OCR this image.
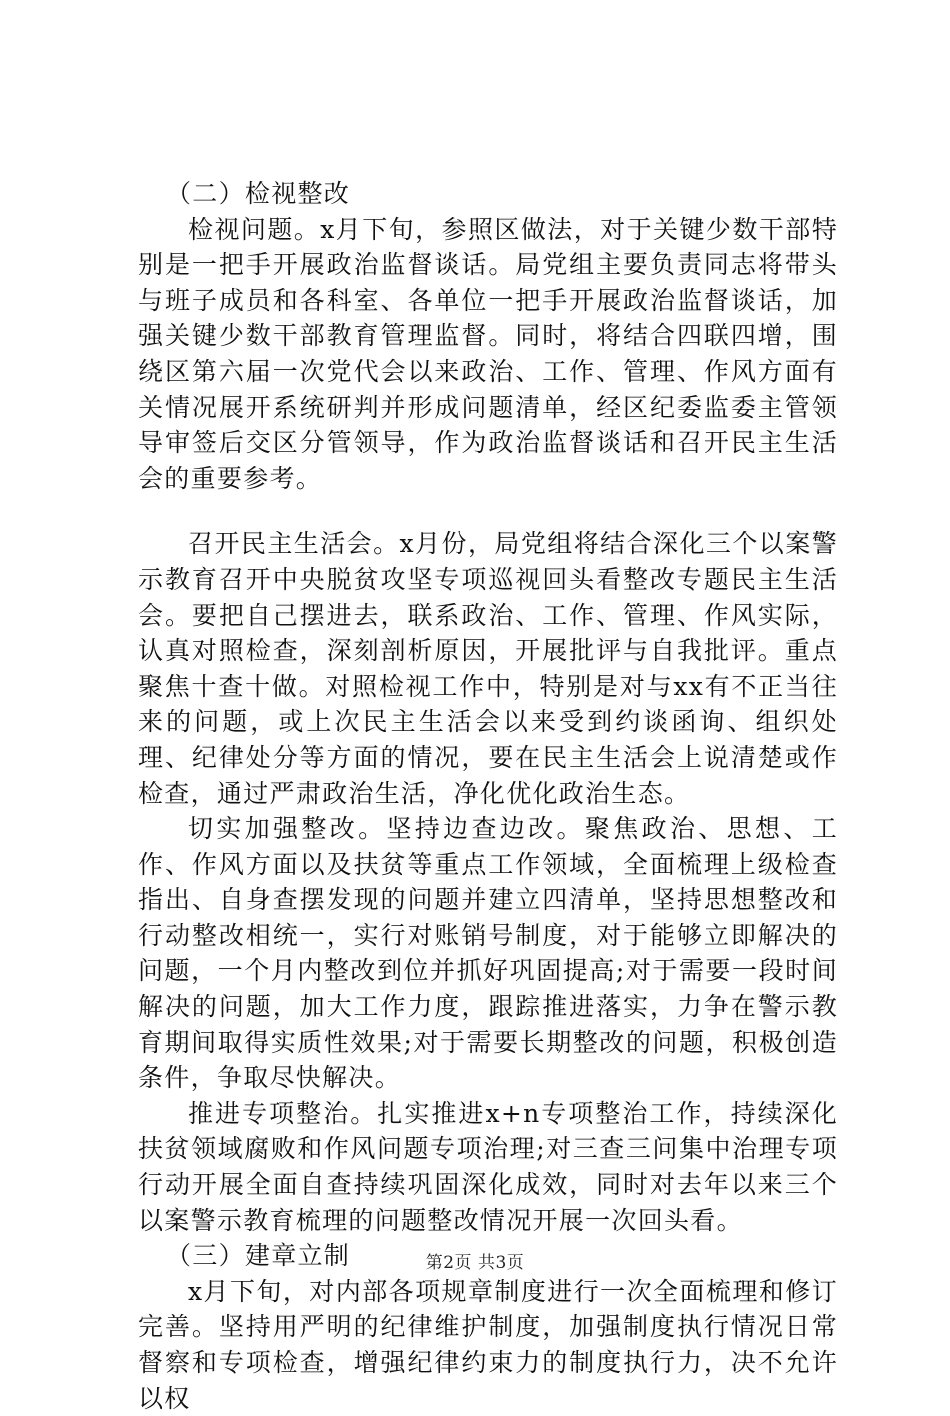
（二）检视整改

检视问题。x月下旬，参照区做法，对于关键少数干部特别是一把手开展政治监督谈话。局党组主要负责同志将带头与班子成员和各科室、各单位一把手开展政治监督谈话，加强关键少数干部教育管理监督。同时，将结合四联四增，围绕区第六届一次党代会以来政治、工作、管理、作风方面有关情况展开系统研判并形成问题清单，经区纪委监委主管领导审签后交区分管领导，作为政治监督谈话和召开民主生活会的重要参考。

召开民主生活会。x月份，局党组将结合深化三个以案警示教育召开中央脱贫攻坚专项巡视回头看整改专题民主生活会。要把自己摆进去，联系政治、工作、管理、作风实际，认真对照检查，深刻剖析原因，开展批评与自我批评。重点聚焦十查十做。对照检视工作中，特别是对与xx有不正当往来的问题，或上次民主生活会以来受到约谈函询、组织处理、纪律处分等方面的情况，要在民主生活会上说清楚或作检查，通过严肃政治生活，净化优化政治生态。

切实加强整改。坚持边查边改。聚焦政治、思想、工作、作风方面以及扶贫等重点工作领域，全面梳理上级检查指出、自身查摆发现的问题并建立四清单，坚持思想整改和行动整改相统一，实行对账销号制度，对于能够立即解决的问题，一个月内整改到位并抓好巩固提高;对于需要一段时间解决的问题，加大工作力度，跟踪推进落实，力争在警示教育期间取得实质性效果;对于需要长期整改的问题，积极创造条件，争取尽快解决。

推进专项整治。扎实推进x+n专项整治工作，持续深化扶贫领域腐败和作风问题专项治理;对三查三问集中治理专项行动开展全面自查持续巩固深化成效，同时对去年以来三个以案警示教育梳理的问题整改情况开展一次回头看。

（三）建章立制

x月下旬，对内部各项规章制度进行一次全面梳理和修订完善。坚持用严明的纪律维护制度，加强制度执行情况日常督察和专项检查，增强纪律约束力的制度执行力，决不允许以权

第2页 共3页
